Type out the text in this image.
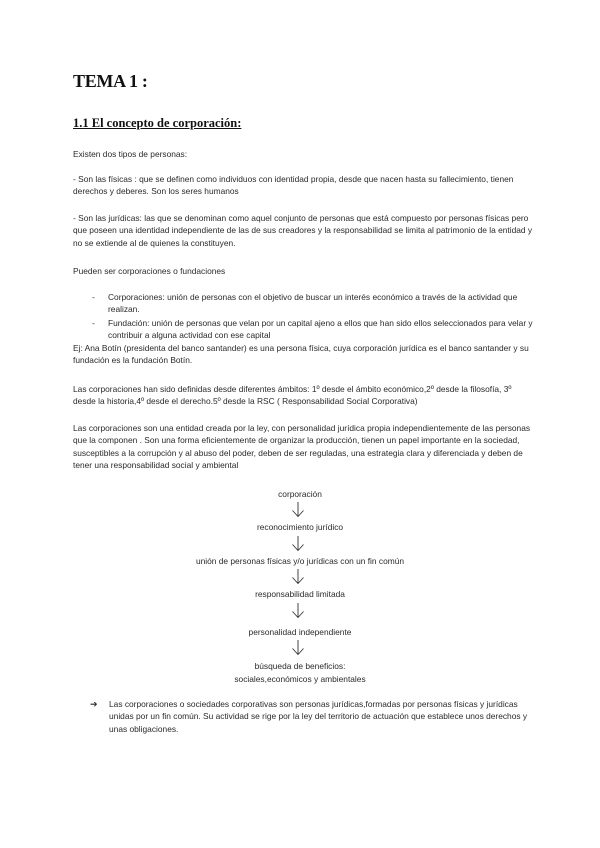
TEMA 1 :
1.1 El concepto de corporación:

Existen dos tipos de personas:

- Son las físicas : que se definen como individuos con identidad propia, desde que nacen hasta su fallecimiento, tienen derechos y deberes. Son los seres humanos

- Son las jurídicas: las que se denominan como aquel conjunto de personas que está compuesto por personas físicas pero que poseen una identidad independiente de las de sus creadores y la responsabilidad se limita al patrimonio de la entidad y no se extiende al de quienes la constituyen.

Pueden ser corporaciones o fundaciones

-	Corporaciones: unión de personas con el objetivo de buscar un interés económico a través de la actividad que realizan.
-	Fundación: unión de personas que velan por un capital ajeno a ellos que han sido ellos seleccionados para velar y contribuir a alguna actividad con ese capital

Ej: Ana Botín (presidenta del banco santander) es una persona física, cuya corporación jurídica es el banco santander y su fundación es la fundación Botín.

Las corporaciones han sido definidas desde diferentes ámbitos: 1º desde el ámbito económico,2º desde la filosofía, 3º desde la historia,4º desde el derecho.5º desde la RSC ( Responsabilidad Social Corporativa)

Las corporaciones son una entidad creada por la ley, con personalidad jurídica propia independientemente de las personas que la componen . Son una forma eficientemente de organizar la producción, tienen un papel importante en la sociedad, susceptibles a la corrupción y al abuso del poder, deben de ser reguladas, una estrategia clara y diferenciada y deben de tener una responsabilidad social y ambiental

corporación
reconocimiento jurídico
unión de personas físicas y/o jurídicas con un fin común
responsabilidad limitada
personalidad independiente
búsqueda de beneficios:
sociales,económicos y ambientales
➔	Las corporaciones o sociedades corporativas son personas jurídicas,formadas por personas físicas y jurídicas unidas por un fin común. Su actividad se rige por la ley del territorio de actuación que establece unos derechos y unas obligaciones.
